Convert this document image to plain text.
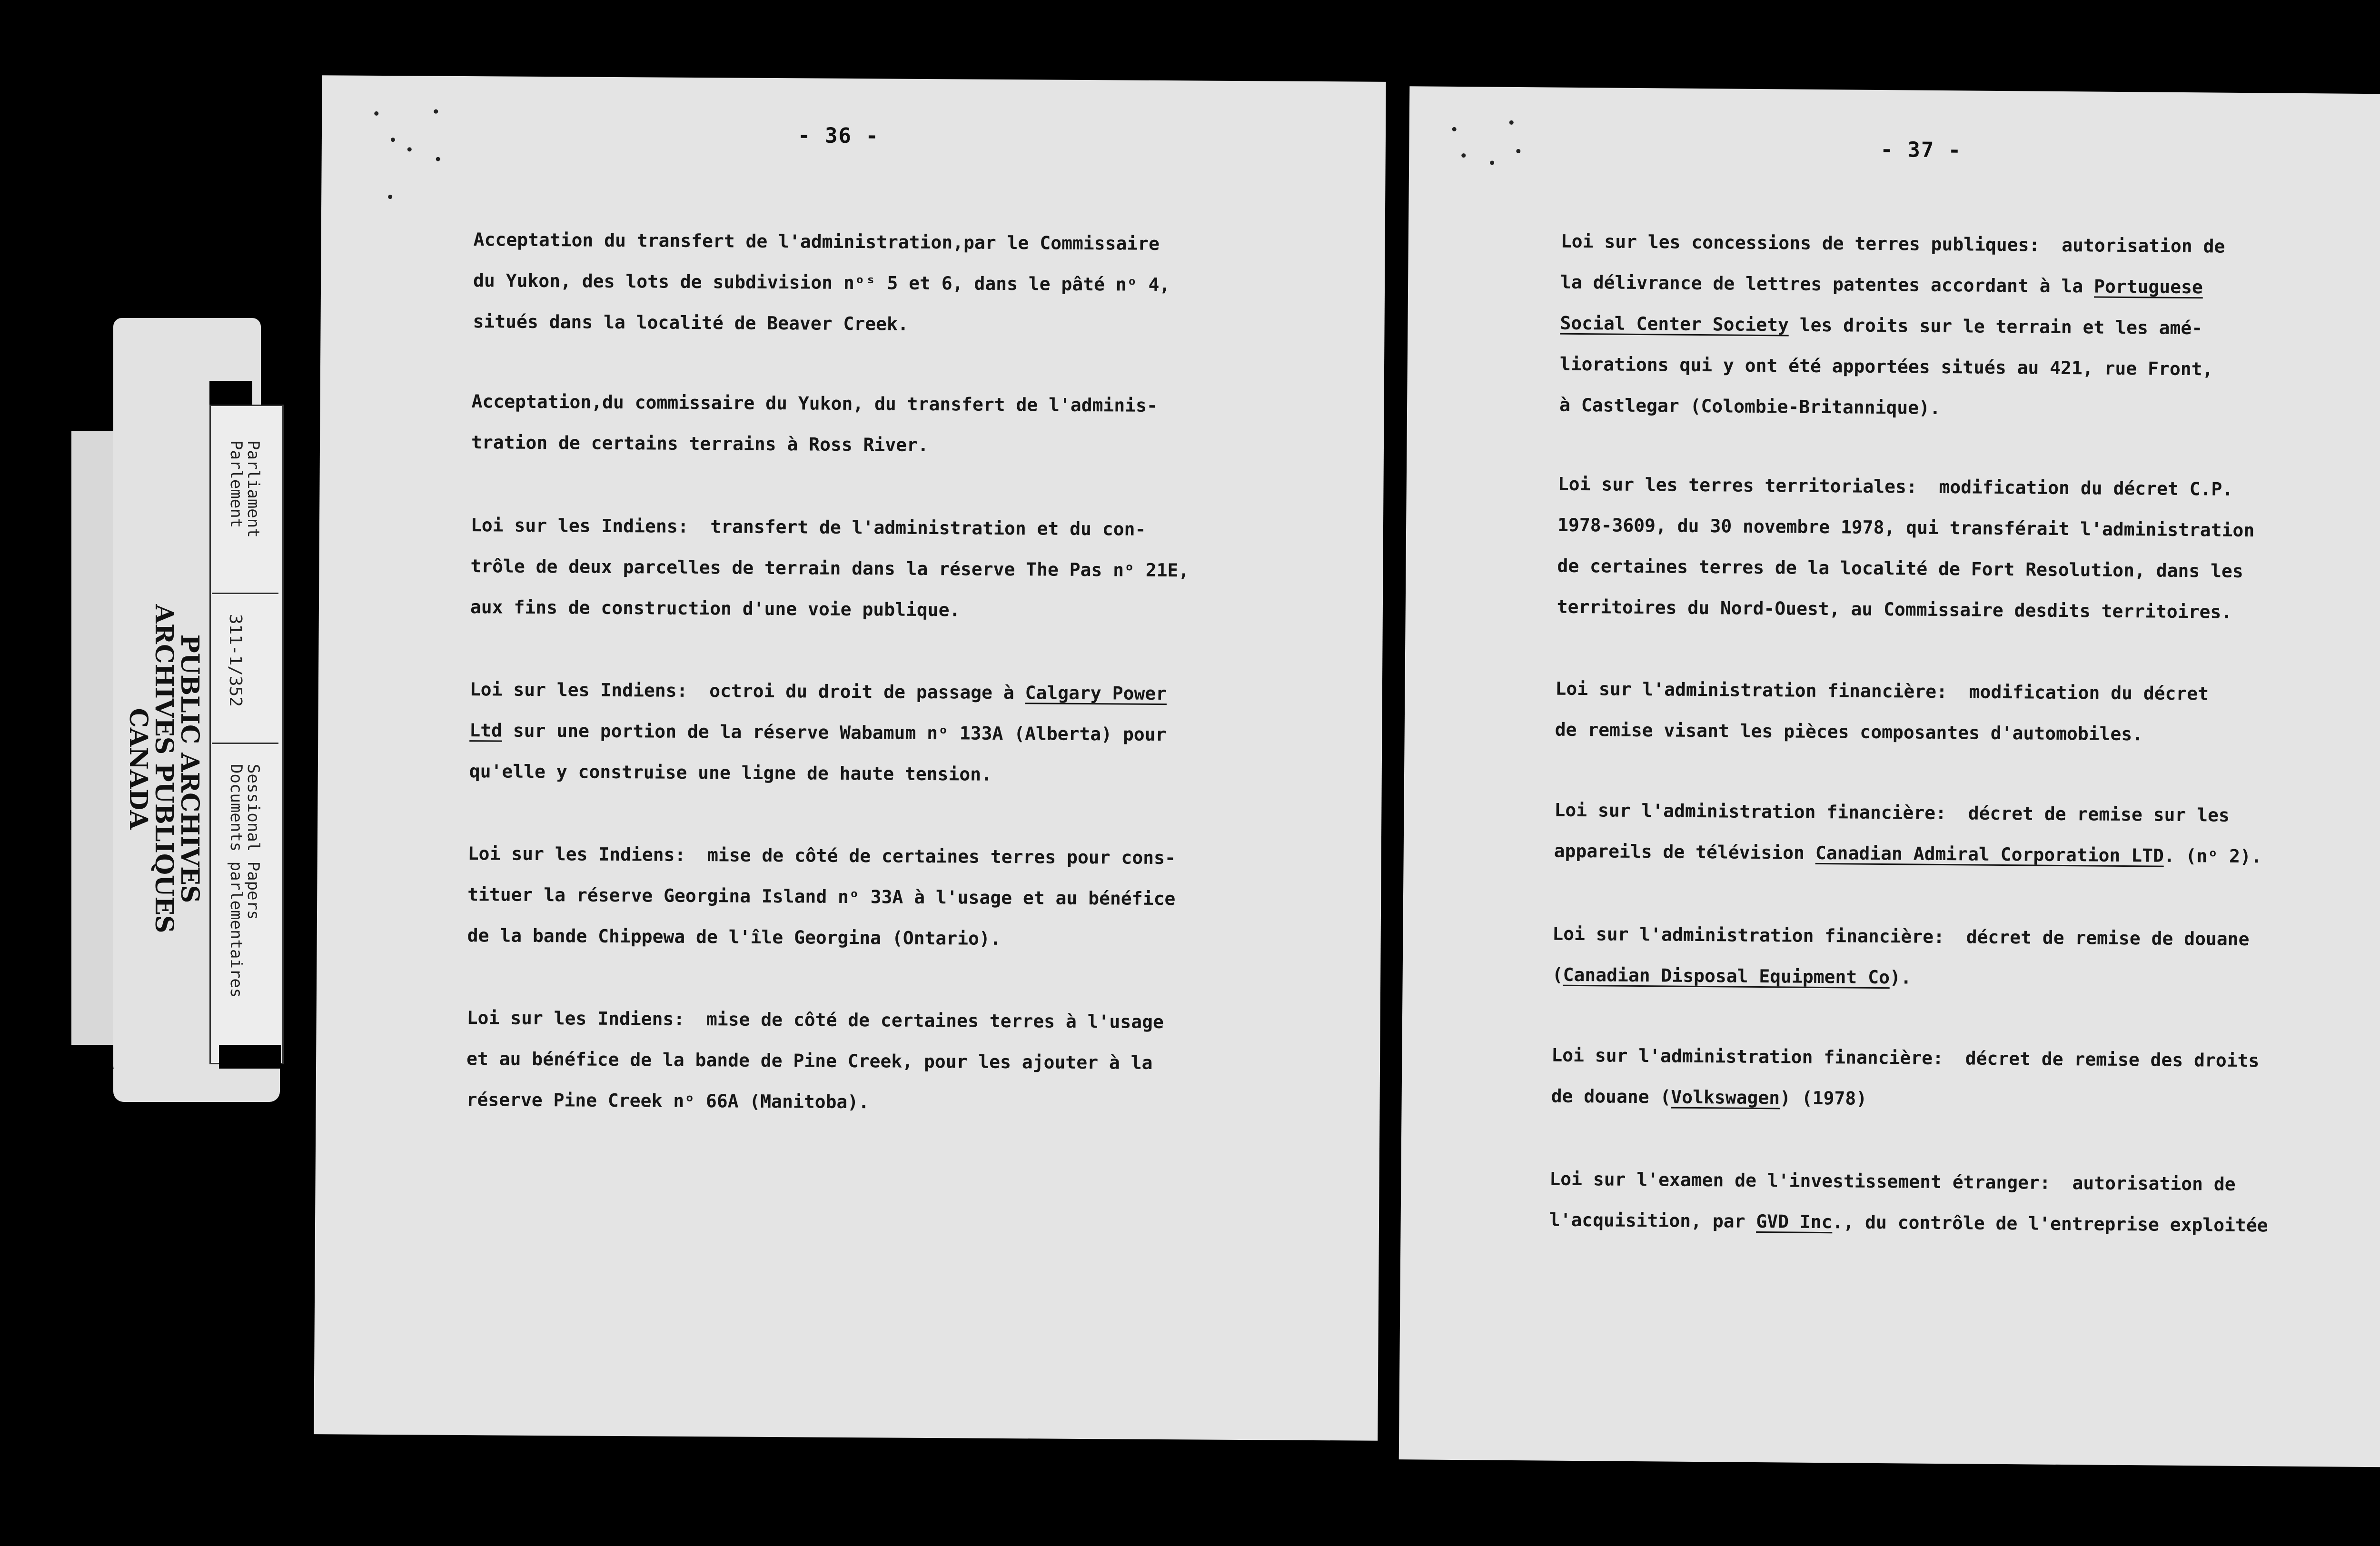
PUBLIC ARCHIVES
ARCHIVES PUBLIQUES
CANADA
Parliament
Parlement
311-1/352
Sessional Papers
Documents parlementaires
- 36 -
Acceptation du transfert de l'administration,par le Commissaire
du Yukon, des lots de subdivision nᵒˢ 5 et 6, dans le pâté nᵒ 4,
situés dans la localité de Beaver Creek.
Acceptation,du commissaire du Yukon, du transfert de l'adminis-
tration de certains terrains à Ross River.
Loi sur les Indiens:  transfert de l'administration et du con-
trôle de deux parcelles de terrain dans la réserve The Pas nᵒ 21E,
aux fins de construction d'une voie publique.
Loi sur les Indiens:  octroi du droit de passage à Calgary Power
Ltd sur une portion de la réserve Wabamum nᵒ 133A (Alberta) pour
qu'elle y construise une ligne de haute tension.
Loi sur les Indiens:  mise de côté de certaines terres pour cons-
tituer la réserve Georgina Island nᵒ 33A à l'usage et au bénéfice
de la bande Chippewa de l'île Georgina (Ontario).
Loi sur les Indiens:  mise de côté de certaines terres à l'usage
et au bénéfice de la bande de Pine Creek, pour les ajouter à la
réserve Pine Creek nᵒ 66A (Manitoba).
- 37 -
Loi sur les concessions de terres publiques:  autorisation de
la délivrance de lettres patentes accordant à la Portuguese
Social Center Society les droits sur le terrain et les amé-
liorations qui y ont été apportées situés au 421, rue Front,
à Castlegar (Colombie-Britannique).
Loi sur les terres territoriales:  modification du décret C.P.
1978-3609, du 30 novembre 1978, qui transférait l'administration
de certaines terres de la localité de Fort Resolution, dans les
territoires du Nord-Ouest, au Commissaire desdits territoires.
Loi sur l'administration financière:  modification du décret
de remise visant les pièces composantes d'automobiles.
Loi sur l'administration financière:  décret de remise sur les
appareils de télévision Canadian Admiral Corporation LTD. (nᵒ 2).
Loi sur l'administration financière:  décret de remise de douane
(Canadian Disposal Equipment Co).
Loi sur l'administration financière:  décret de remise des droits
de douane (Volkswagen) (1978)
Loi sur l'examen de l'investissement étranger:  autorisation de
l'acquisition, par GVD Inc., du contrôle de l'entreprise exploitée
